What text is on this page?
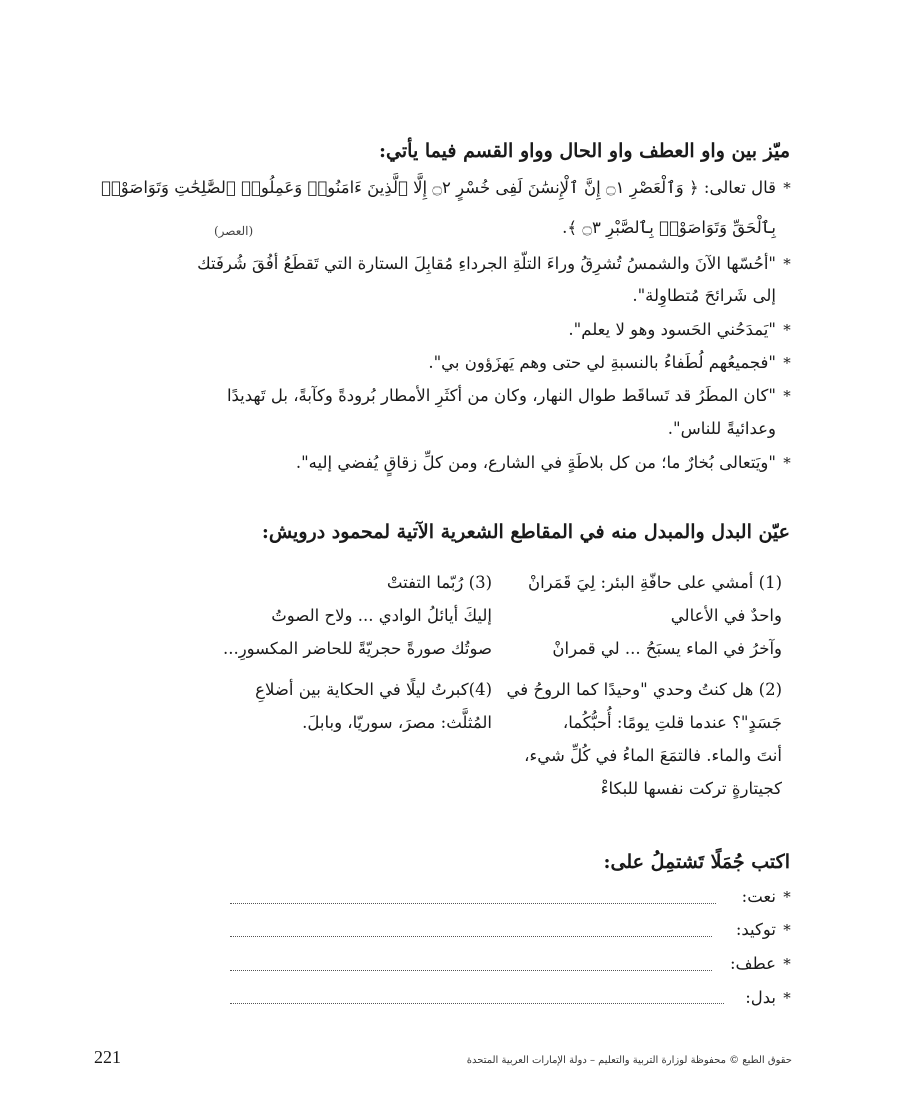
ميّز بين واو العطف واو الحال وواو القسم فيما يأتي:
*قال تعالى: ﴿ وَٱلْعَصْرِ ۝١ إِنَّ ٱلْإِنسَٰنَ لَفِى خُسْرٍ ۝٢ إِلَّا ٱلَّذِينَ ءَامَنُوا۟ وَعَمِلُوا۟ ٱلصَّٰلِحَٰتِ وَتَوَاصَوْا۟
بِٱلْحَقِّ وَتَوَاصَوْا۟ بِٱلصَّبْرِ ۝٣ ﴾.
(العصر)
*"أحُسّها الآنَ والشمسُ تُشرِقُ وراءَ التلّةِ الجرداءِ مُقابِلَ الستارة التي تَقطَعُ أفُقَ شُرفَتك
إلى شَرائحَ مُتطاوِلة".
*"يَمدَحُني الحَسود وهو لا يعلم".
*"فجميعُهم لُطَفاءُ بالنسبةِ لي حتى وهم يَهزَؤون بي".
*"كان المطَرُ قد تَساقَط طوال النهار، وكان من أكثَرِ الأمطار بُرودةً وكآبةً، بل تَهديدًا
وعدائيةً للناس".
*"ويَتعالى بُخارٌ ما؛ من كل بلاطَةٍ في الشارع، ومن كلِّ زقاقٍ يُفضي إليه".
عيّن البدل والمبدل منه في المقاطع الشعرية الآتية لمحمود درويش:
(1) أمشي على حافّةِ البئر: لِيَ قَمَرانْ
واحدٌ في الأعالي
وآخرُ في الماء يسبَحُ ... لي قمرانْ
(3) رُبّما التفتتْ
إليكَ أيائلُ الوادي ... ولاح الصوتُ
صوتُك صورةً حجريّةً للحاضر المكسورِ...
(2) هل كنتُ وحدي "وحيدًا كما الروحُ في
جَسَدٍ"؟ عندما قلتِ يومًا: أُحبُّكُما،
أنتَ والماء. فالتمَعَ الماءُ في كُلِّ شيء،
كجيتارةٍ تركت نفسها للبكاءْ
(4)كبرتُ ليلًا في الحكاية بين أضلاعِ
المُثلَّث: مصرَ، سوريّا، وبابلَ.
اكتب جُمَلًا تَشتمِلُ على:
*نعت:
*توكيد:
*عطف:
*بدل:
حقوق الطبع © محفوظة لوزارة التربية والتعليم – دولة الإمارات العربية المتحدة
221
